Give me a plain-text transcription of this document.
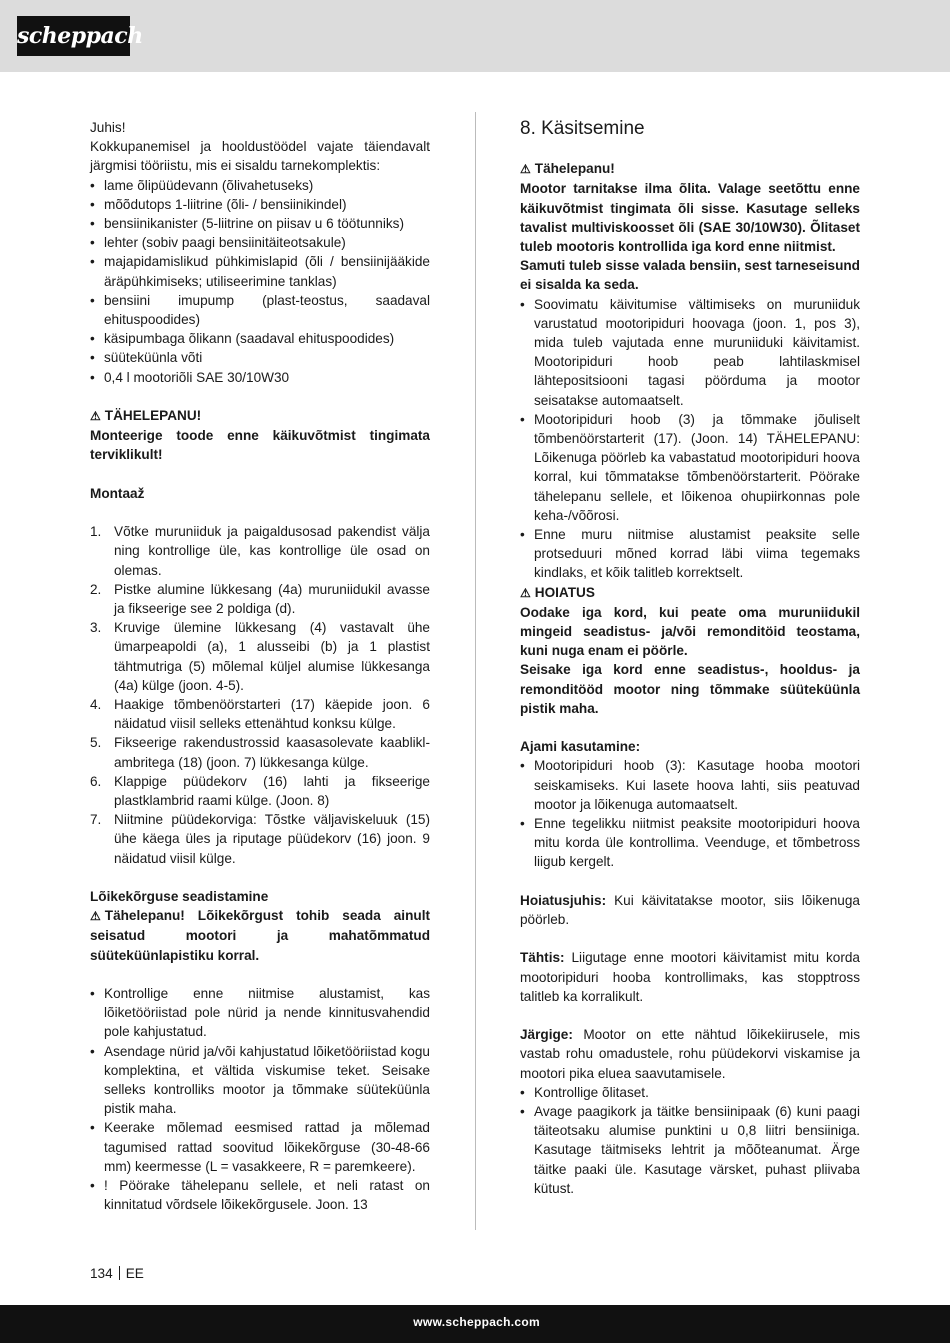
scheppach

Juhis!

Kokkupanemisel ja hooldustöödel vajate täiendavalt järgmisi tööriistu, mis ei sisaldu tarnekomplektis:

• lame õlipüüdevann (õlivahetuseks)
• mõõdutops 1-liitrine (õli- / bensiinikindel)
• bensiinikanister (5-liitrine on piisav u 6 töötunniks)
• lehter (sobiv paagi bensiinitäiteotsakule)
• majapidamislikud pühkimislapid (õli / bensiinijääkide äräpühkimiseks; utiliseerimine tanklas)
• bensiini imupump (plast-teostus, saadaval ehituspoodides)
• käsipumbaga õlikann (saadaval ehituspoodides)
• süüteküünla võti
• 0,4 l mootoriõli SAE 30/10W30

⚠ TÄHELEPANU!

Monteerige toode enne käikuvõtmist tingimata terviklikult!

Montaaž

1. Võtke muruniiduk ja paigaldusosad pakendist välja ning kontrollige üle, kas kontrollige üle osad on olemas.
2. Pistke alumine lükkesang (4a) muruniidukil avasse ja fikseerige see 2 poldiga (d).
3. Kruvige ülemine lükkesang (4) vastavalt ühe ümarpeapoldi (a), 1 alusseibi (b) ja 1 plastist tähtmutriga (5) mõlemal küljel alumise lükkesanga (4a) külge (joon. 4-5).
4. Haakige tõmbenöörstarteri (17) käepide joon. 6 näidatud viisil selleks ettenähtud konksu külge.
5. Fikseerige rakendustrossid kaasasolevate kaabliklambritega (18) (joon. 7) lükkesanga külge.
6. Klappige püüdekorv (16) lahti ja fikseerige plastklambrid raami külge. (Joon. 8)
7. Niitmine püüdekorviga: Tõstke väljaviskeluuk (15) ühe käega üles ja riputage püüdekorv (16) joon. 9 näidatud viisil külge.

Lõikekõrguse seadistamine

⚠ Tähelepanu! Lõikekõrgust tohib seada ainult seisatud mootori ja mahatõmmatud süüteküünlapistiku korral.

• Kontrollige enne niitmise alustamist, kas lõiketööriistad pole nürid ja nende kinnitusvahendid pole kahjustatud.
• Asendage nürid ja/või kahjustatud lõiketööriistad kogu komplektina, et vältida viskumise teket. Seisake selleks kontrolliks mootor ja tõmmake süüteküünla pistik maha.
• Keerake mõlemad eesmised rattad ja mõlemad tagumised rattad soovitud lõikekõrguse (30-48-66 mm) keermesse (L = vasakkeere, R = paremkeere).
• ! Pöörake tähelepanu sellele, et neli ratast on kinnitatud võrdsele lõikekõrgusele. Joon. 13
8. Käsitsemine

⚠ Tähelepanu!

Mootor tarnitakse ilma õlita. Valage seetõttu enne käikuvõtmist tingimata õli sisse. Kasutage selleks tavalist multiviskoosset õli (SAE 30/10W30). Õlitaset tuleb mootoris kontrollida iga kord enne niitmist.

Samuti tuleb sisse valada bensiin, sest tarneseisund ei sisalda ka seda.

• Soovimatu käivitumise vältimiseks on muruniiduk varustatud mootoripiduri hoovaga (joon. 1, pos 3), mida tuleb vajutada enne muruniiduki käivitamist. Mootoripiduri hoob peab lahtilaskmisel lähtepositsiooni tagasi pöörduma ja mootor seisatakse automaatselt.
• Mootoripiduri hoob (3) ja tõmmake jõuliselt tõmbenöörstarterit (17). (Joon. 14) TÄHELEPANU: Lõikenuga pöörleb ka vabastatud mootoripiduri hoova korral, kui tõmmatakse tõmbenöörstarterit. Pöörake tähelepanu sellele, et lõikenoa ohupiirkonnas pole keha-/võõrosi.
• Enne muru niitmise alustamist peaksite selle protseduuri mõned korrad läbi viima tegemaks kindlaks, et kõik talitleb korrektselt.

⚠ HOIATUS

Oodake iga kord, kui peate oma muruniidukil mingeid seadistus- ja/või remonditöid teostama, kuni nuga enam ei pöörle.

Seisake iga kord enne seadistus-, hooldus- ja remonditööd mootor ning tõmmake süüteküünla pistik maha.

Ajami kasutamine:

• Mootoripiduri hoob (3): Kasutage hooba mootori seiskamiseks. Kui lasete hoova lahti, siis peatuvad mootor ja lõikenuga automaatselt.
• Enne tegelikku niitmist peaksite mootoripiduri hoova mitu korda üle kontrollima. Veenduge, et tõmbetross liigub kergelt.

Hoiatusjuhis: Kui käivitatakse mootor, siis lõikenuga pöörleb.

Tähtis: Liigutage enne mootori käivitamist mitu korda mootoripiduri hooba kontrollimaks, kas stopptross talitleb ka korralikult.

Järgige: Mootor on ette nähtud lõikekiirusele, mis vastab rohu omadustele, rohu püüdekorvi viskamise ja mootori pika eluea saavutamisele.

• Kontrollige õlitaset.
• Avage paagikork ja täitke bensiinipaak (6) kuni paagi täiteotsaku alumise punktini u 0,8 liitri bensiiniga. Kasutage täitmiseks lehtrit ja mõõteanumat. Ärge täitke paaki üle. Kasutage värsket, puhast pliivaba kütust.
134 EE
www.scheppach.com
